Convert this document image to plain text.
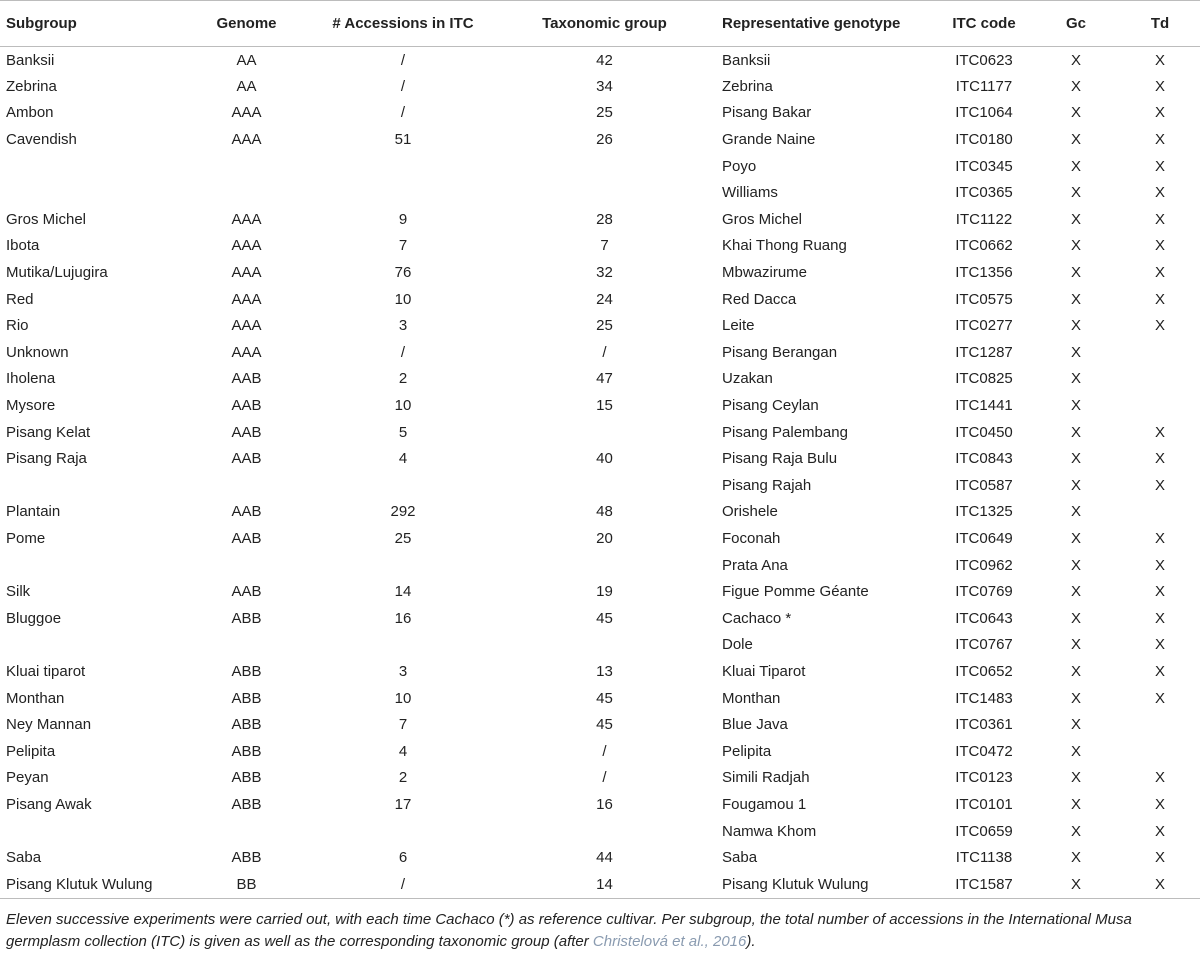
Subgroup	Genome	# Accessions in ITC	Taxonomic group	Representative genotype	ITC code	Gc	Td
Banksii	AA	/	42	Banksii	ITC0623	X	X
Zebrina	AA	/	34	Zebrina	ITC1177	X	X
Ambon	AAA	/	25	Pisang Bakar	ITC1064	X	X
Cavendish	AAA	51	26	Grande Naine	ITC0180	X	X
				Poyo	ITC0345	X	X
				Williams	ITC0365	X	X
Gros Michel	AAA	9	28	Gros Michel	ITC1122	X	X
Ibota	AAA	7	7	Khai Thong Ruang	ITC0662	X	X
Mutika/Lujugira	AAA	76	32	Mbwazirume	ITC1356	X	X
Red	AAA	10	24	Red Dacca	ITC0575	X	X
Rio	AAA	3	25	Leite	ITC0277	X	X
Unknown	AAA	/	/	Pisang Berangan	ITC1287	X	
Iholena	AAB	2	47	Uzakan	ITC0825	X	
Mysore	AAB	10	15	Pisang Ceylan	ITC1441	X	
Pisang Kelat	AAB	5		Pisang Palembang	ITC0450	X	X
Pisang Raja	AAB	4	40	Pisang Raja Bulu	ITC0843	X	X
				Pisang Rajah	ITC0587	X	X
Plantain	AAB	292	48	Orishele	ITC1325	X	
Pome	AAB	25	20	Foconah	ITC0649	X	X
				Prata Ana	ITC0962	X	X
Silk	AAB	14	19	Figue Pomme Géante	ITC0769	X	X
Bluggoe	ABB	16	45	Cachaco *	ITC0643	X	X
				Dole	ITC0767	X	X
Kluai tiparot	ABB	3	13	Kluai Tiparot	ITC0652	X	X
Monthan	ABB	10	45	Monthan	ITC1483	X	X
Ney Mannan	ABB	7	45	Blue Java	ITC0361	X	
Pelipita	ABB	4	/	Pelipita	ITC0472	X	
Peyan	ABB	2	/	Simili Radjah	ITC0123	X	X
Pisang Awak	ABB	17	16	Fougamou 1	ITC0101	X	X
				Namwa Khom	ITC0659	X	X
Saba	ABB	6	44	Saba	ITC1138	X	X
Pisang Klutuk Wulung	BB	/	14	Pisang Klutuk Wulung	ITC1587	X	X
Eleven successive experiments were carried out, with each time Cachaco (*) as reference cultivar. Per subgroup, the total number of accessions in the International Musa germplasm collection (ITC) is given as well as the corresponding taxonomic group (after Christelová et al., 2016).
